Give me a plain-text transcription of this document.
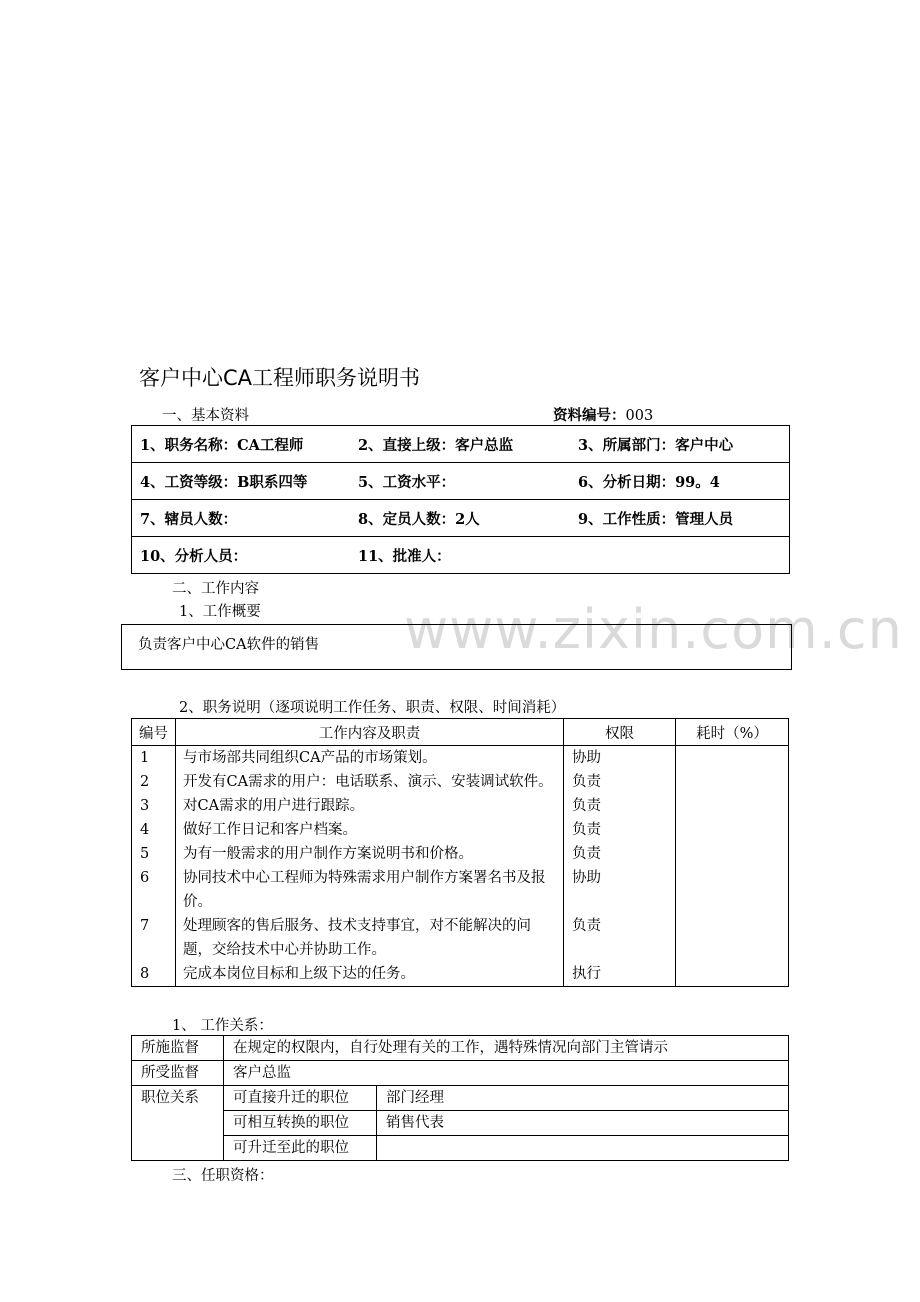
www.zixin.com.cn
客户中心CA工程师职务说明书
一、基本资料	资料编号：003
1、职务名称：CA工程师	2、直接上级：客户总监	3、所属部门：客户中心
4、工资等级：B职系四等	5、工资水平：	6、分析日期：99。4
7、辖员人数：	8、定员人数：2人	9、工作性质：管理人员
10、分析人员：	11、批准人：	
二、工作内容
1、工作概要
负责客户中心CA软件的销售
2、职务说明（逐项说明工作任务、职责、权限、时间消耗）
编号	工作内容及职责	权限	耗时（%）
1	与市场部共同组织CA产品的市场策划。	协助	
2	开发有CA需求的用户：电话联系、演示、安装调试软件。	负责	
3	对CA需求的用户进行跟踪。	负责	
4	做好工作日记和客户档案。	负责	
5	为有一般需求的用户制作方案说明书和价格。	负责	
6	协同技术中心工程师为特殊需求用户制作方案署名书及报价。	协助	
7	处理顾客的售后服务、技术支持事宜，对不能解决的问题，交给技术中心并协助工作。	负责	
8	完成本岗位目标和上级下达的任务。	执行	
1、 工作关系：
所施监督	在规定的权限内，自行处理有关的工作，遇特殊情况向部门主管请示	
所受监督	客户总监	
职位关系	可直接升迁的职位	部门经理
	可相互转换的职位	销售代表
	可升迁至此的职位	
三、任职资格：
